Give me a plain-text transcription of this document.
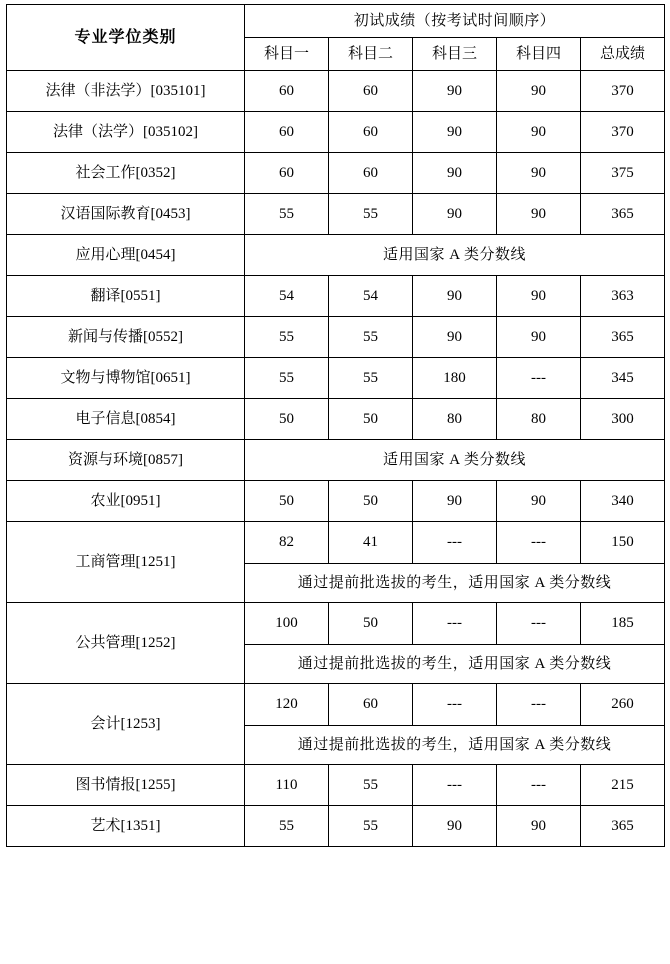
专业学位类别	初试成绩（按考试时间顺序）				
	科目一	科目二	科目三	科目四	总成绩
法律（非法学）[035101]	60	60	90	90	370
法律（法学）[035102]	60	60	90	90	370
社会工作[0352]	60	60	90	90	375
汉语国际教育[0453]	55	55	90	90	365
应用心理[0454]	适用国家 A 类分数线				
翻译[0551]	54	54	90	90	363
新闻与传播[0552]	55	55	90	90	365
文物与博物馆[0651]	55	55	180	---	345
电子信息[0854]	50	50	80	80	300
资源与环境[0857]	适用国家 A 类分数线				
农业[0951]	50	50	90	90	340
工商管理[1251]	82	41	---	---	150
	通过提前批选拔的考生，适用国家 A 类分数线				
公共管理[1252]	100	50	---	---	185
	通过提前批选拔的考生，适用国家 A 类分数线				
会计[1253]	120	60	---	---	260
	通过提前批选拔的考生，适用国家 A 类分数线				
图书情报[1255]	110	55	---	---	215
艺术[1351]	55	55	90	90	365
